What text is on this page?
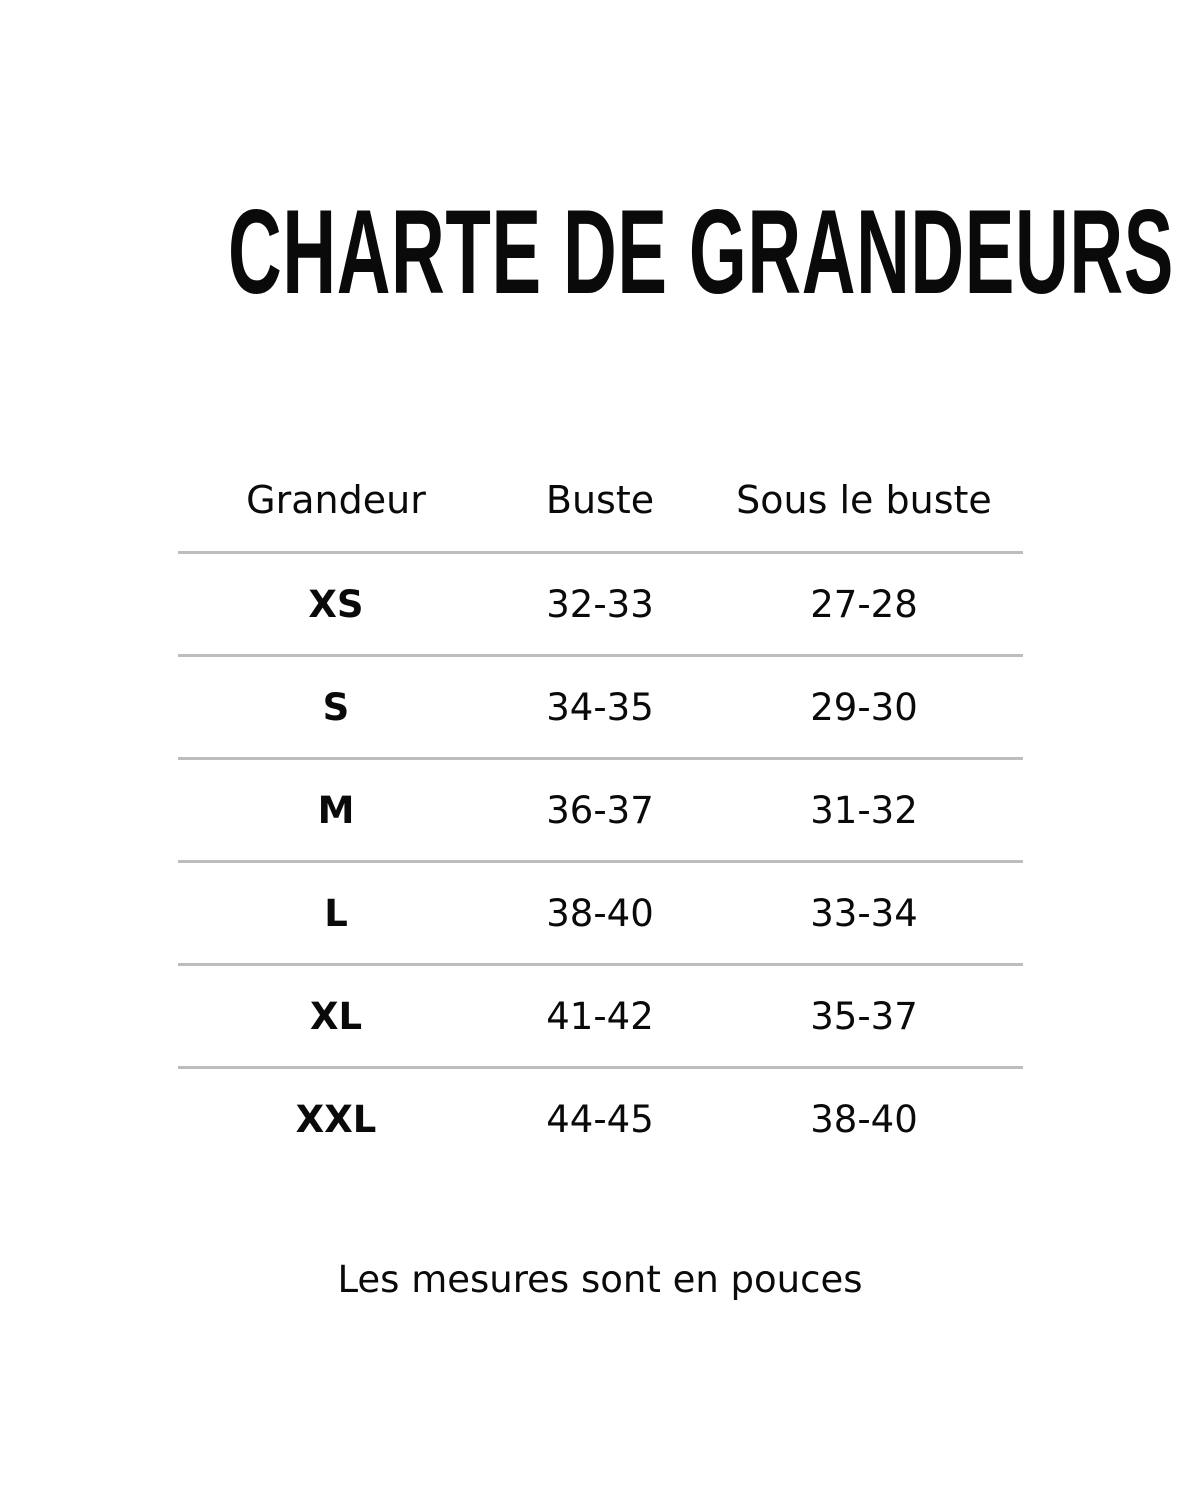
CHARTE DE GRANDEURS
Grandeur	Buste	Sous le buste
XS	32-33	27-28
S	34-35	29-30
M	36-37	31-32
L	38-40	33-34
XL	41-42	35-37
XXL	44-45	38-40
Les mesures sont en pouces
